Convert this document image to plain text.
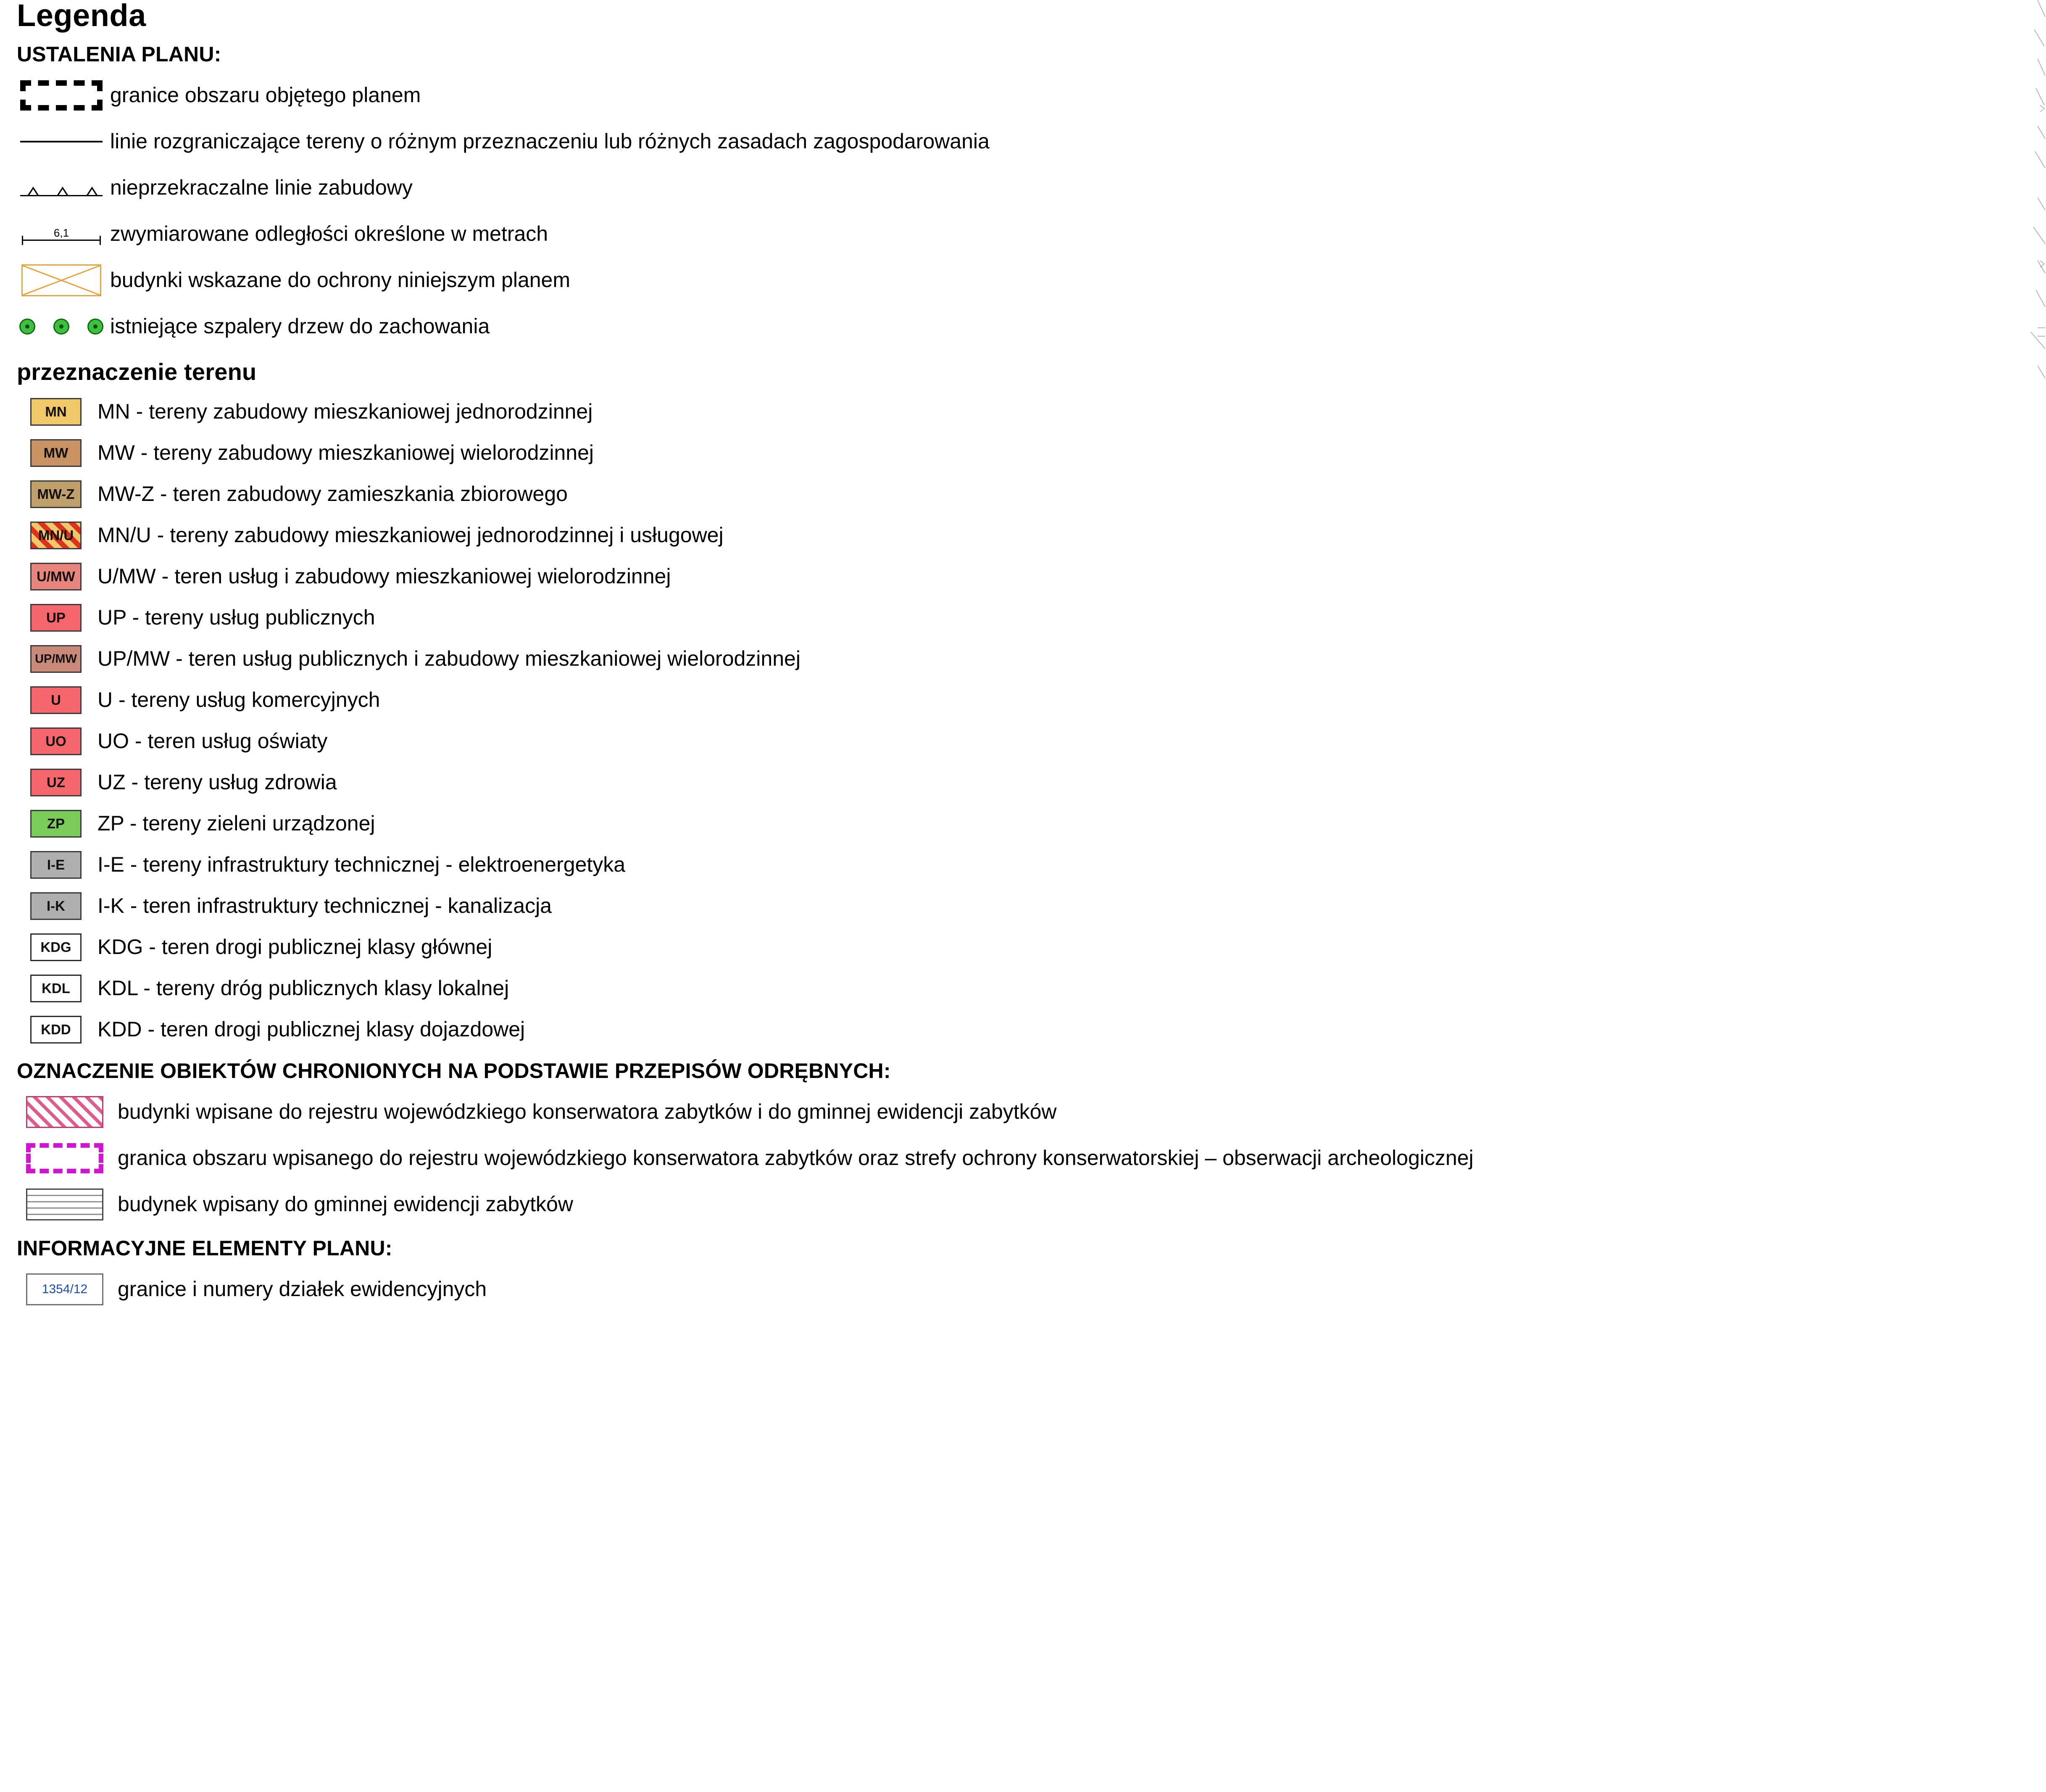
Legenda
USTALENIA PLANU:
granice obszaru objętego planem
linie rozgraniczające tereny o różnym przeznaczeniu lub różnych zasadach zagospodarowania
nieprzekraczalne linie zabudowy
6,1	zwymiarowane odległości określone w metrach
budynki wskazane do ochrony niniejszym planem
istniejące szpalery drzew do zachowania
przeznaczenie terenu
MN MN - tereny zabudowy mieszkaniowej jednorodzinnej
MW MW - tereny zabudowy mieszkaniowej wielorodzinnej
MW-Z MW-Z - teren zabudowy zamieszkania zbiorowego
MN/U MN/U - tereny zabudowy mieszkaniowej jednorodzinnej i usługowej
U/MW U/MW - teren usług i zabudowy mieszkaniowej wielorodzinnej
UP UP - tereny usług publicznych
UP/MW UP/MW - teren usług publicznych i zabudowy mieszkaniowej wielorodzinnej
U U - tereny usług komercyjnych
UO UO - teren usług oświaty
UZ UZ - tereny usług zdrowia
ZP ZP - tereny zieleni urządzonej
I-E I-E - tereny infrastruktury technicznej - elektroenergetyka
I-K I-K - teren infrastruktury technicznej - kanalizacja
KDG KDG - teren drogi publicznej klasy głównej
KDL KDL - tereny dróg publicznych klasy lokalnej
KDD KDD - teren drogi publicznej klasy dojazdowej
OZNACZENIE OBIEKTÓW CHRONIONYCH NA PODSTAWIE PRZEPISÓW ODRĘBNYCH:
budynki wpisane do rejestru wojewódzkiego konserwatora zabytków i do gminnej ewidencji zabytków
granica obszaru wpisanego do rejestru wojewódzkiego konserwatora zabytków oraz strefy ochrony konserwatorskiej – obserwacji archeologicznej
budynek wpisany do gminnej ewidencji zabytków
INFORMACYJNE ELEMENTY PLANU:
1354/12 granice i numery działek ewidencyjnych
